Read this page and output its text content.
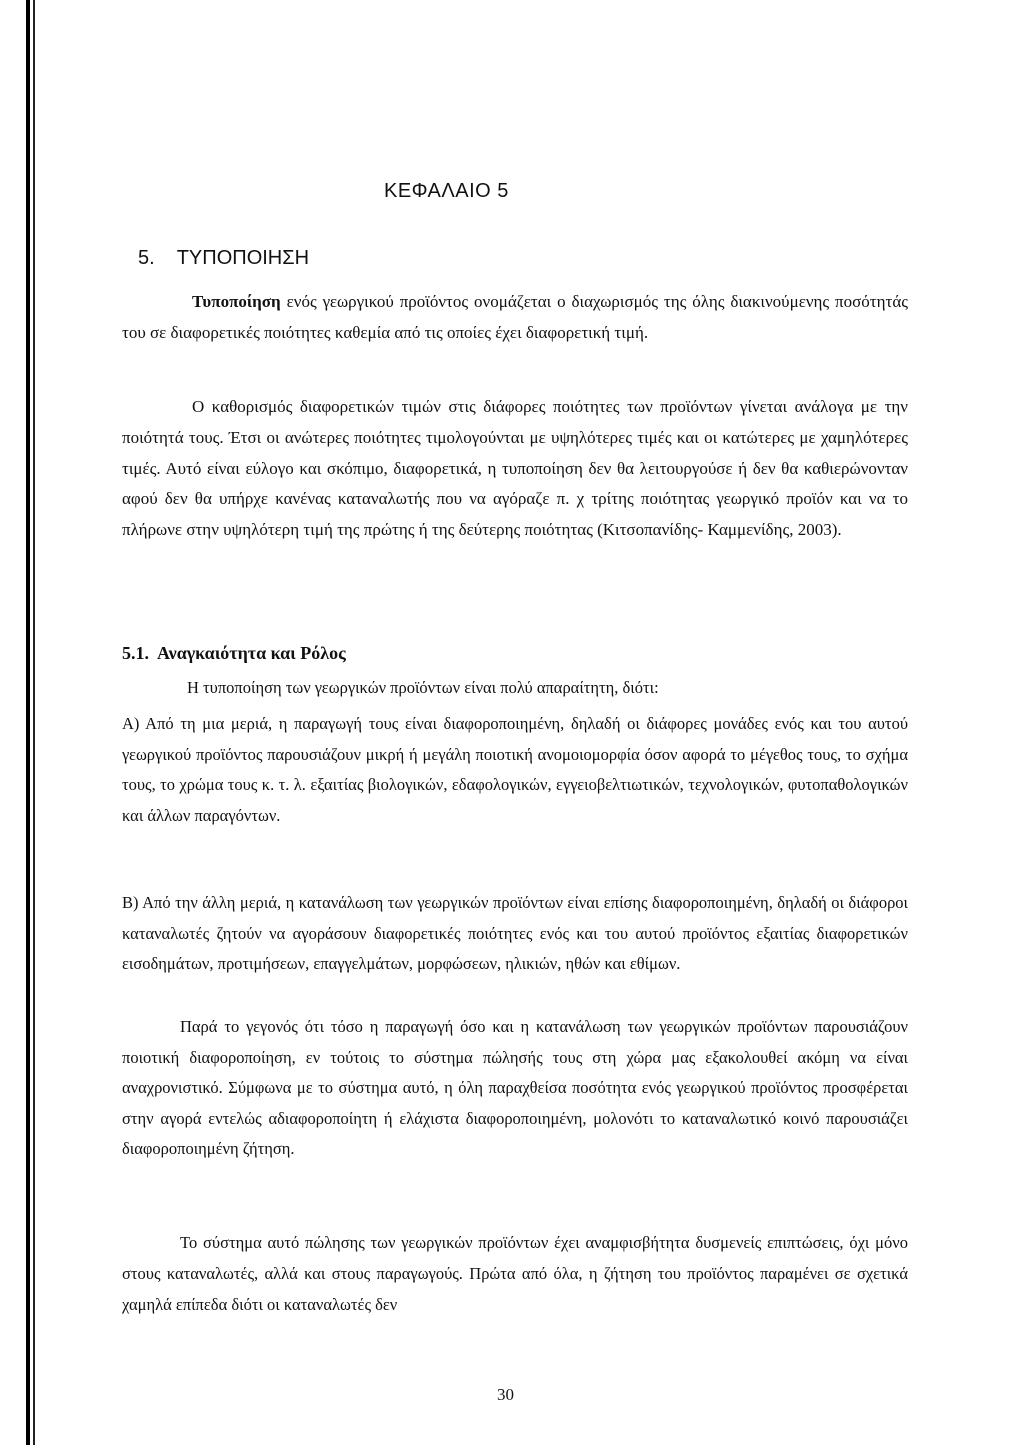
ΚΕΦΑΛΑΙΟ 5
5. ΤΥΠΟΠΟΙΗΣΗ

Τυποποίηση ενός γεωργικού προϊόντος ονομάζεται ο διαχωρισμός της όλης διακινούμενης ποσότητάς του σε διαφορετικές ποιότητες καθεμία από τις οποίες έχει διαφορετική τιμή.

Ο καθορισμός διαφορετικών τιμών στις διάφορες ποιότητες των προϊόντων γίνεται ανάλογα με την ποιότητά τους. Έτσι οι ανώτερες ποιότητες τιμολογούνται με υψηλότερες τιμές και οι κατώτερες με χαμηλότερες τιμές. Αυτό είναι εύλογο και σκόπιμο, διαφορετικά, η τυποποίηση δεν θα λειτουργούσε ή δεν θα καθιερώνονταν αφού δεν θα υπήρχε κανένας καταναλωτής που να αγόραζε π. χ τρίτης ποιότητας γεωργικό προϊόν και να το πλήρωνε στην υψηλότερη τιμή της πρώτης ή της δεύτερης ποιότητας (Κιτσοπανίδης- Καμμενίδης, 2003).

5.1. Αναγκαιότητα και Ρόλος

Η τυποποίηση των γεωργικών προϊόντων είναι πολύ απαραίτητη, διότι:

Α) Από τη μια μεριά, η παραγωγή τους είναι διαφοροποιημένη, δηλαδή οι διάφορες μονάδες ενός και του αυτού γεωργικού προϊόντος παρουσιάζουν μικρή ή μεγάλη ποιοτική ανομοιομορφία όσον αφορά το μέγεθος τους, το σχήμα τους, το χρώμα τους κ. τ. λ. εξαιτίας βιολογικών, εδαφολογικών, εγγειοβελτιωτικών, τεχνολογικών, φυτοπαθολογικών και άλλων παραγόντων.

Β) Από την άλλη μεριά, η κατανάλωση των γεωργικών προϊόντων είναι επίσης διαφοροποιημένη, δηλαδή οι διάφοροι καταναλωτές ζητούν να αγοράσουν διαφορετικές ποιότητες ενός και του αυτού προϊόντος εξαιτίας διαφορετικών εισοδημάτων, προτιμήσεων, επαγγελμάτων, μορφώσεων, ηλικιών, ηθών και εθίμων.

Παρά το γεγονός ότι τόσο η παραγωγή όσο και η κατανάλωση των γεωργικών προϊόντων παρουσιάζουν ποιοτική διαφοροποίηση, εν τούτοις το σύστημα πώλησής τους στη χώρα μας εξακολουθεί ακόμη να είναι αναχρονιστικό. Σύμφωνα με το σύστημα αυτό, η όλη παραχθείσα ποσότητα ενός γεωργικού προϊόντος προσφέρεται στην αγορά εντελώς αδιαφοροποίητη ή ελάχιστα διαφοροποιημένη, μολονότι το καταναλωτικό κοινό παρουσιάζει διαφοροποιημένη ζήτηση.

Το σύστημα αυτό πώλησης των γεωργικών προϊόντων έχει αναμφισβήτητα δυσμενείς επιπτώσεις, όχι μόνο στους καταναλωτές, αλλά και στους παραγωγούς. Πρώτα από όλα, η ζήτηση του προϊόντος παραμένει σε σχετικά χαμηλά επίπεδα διότι οι καταναλωτές δεν

30
